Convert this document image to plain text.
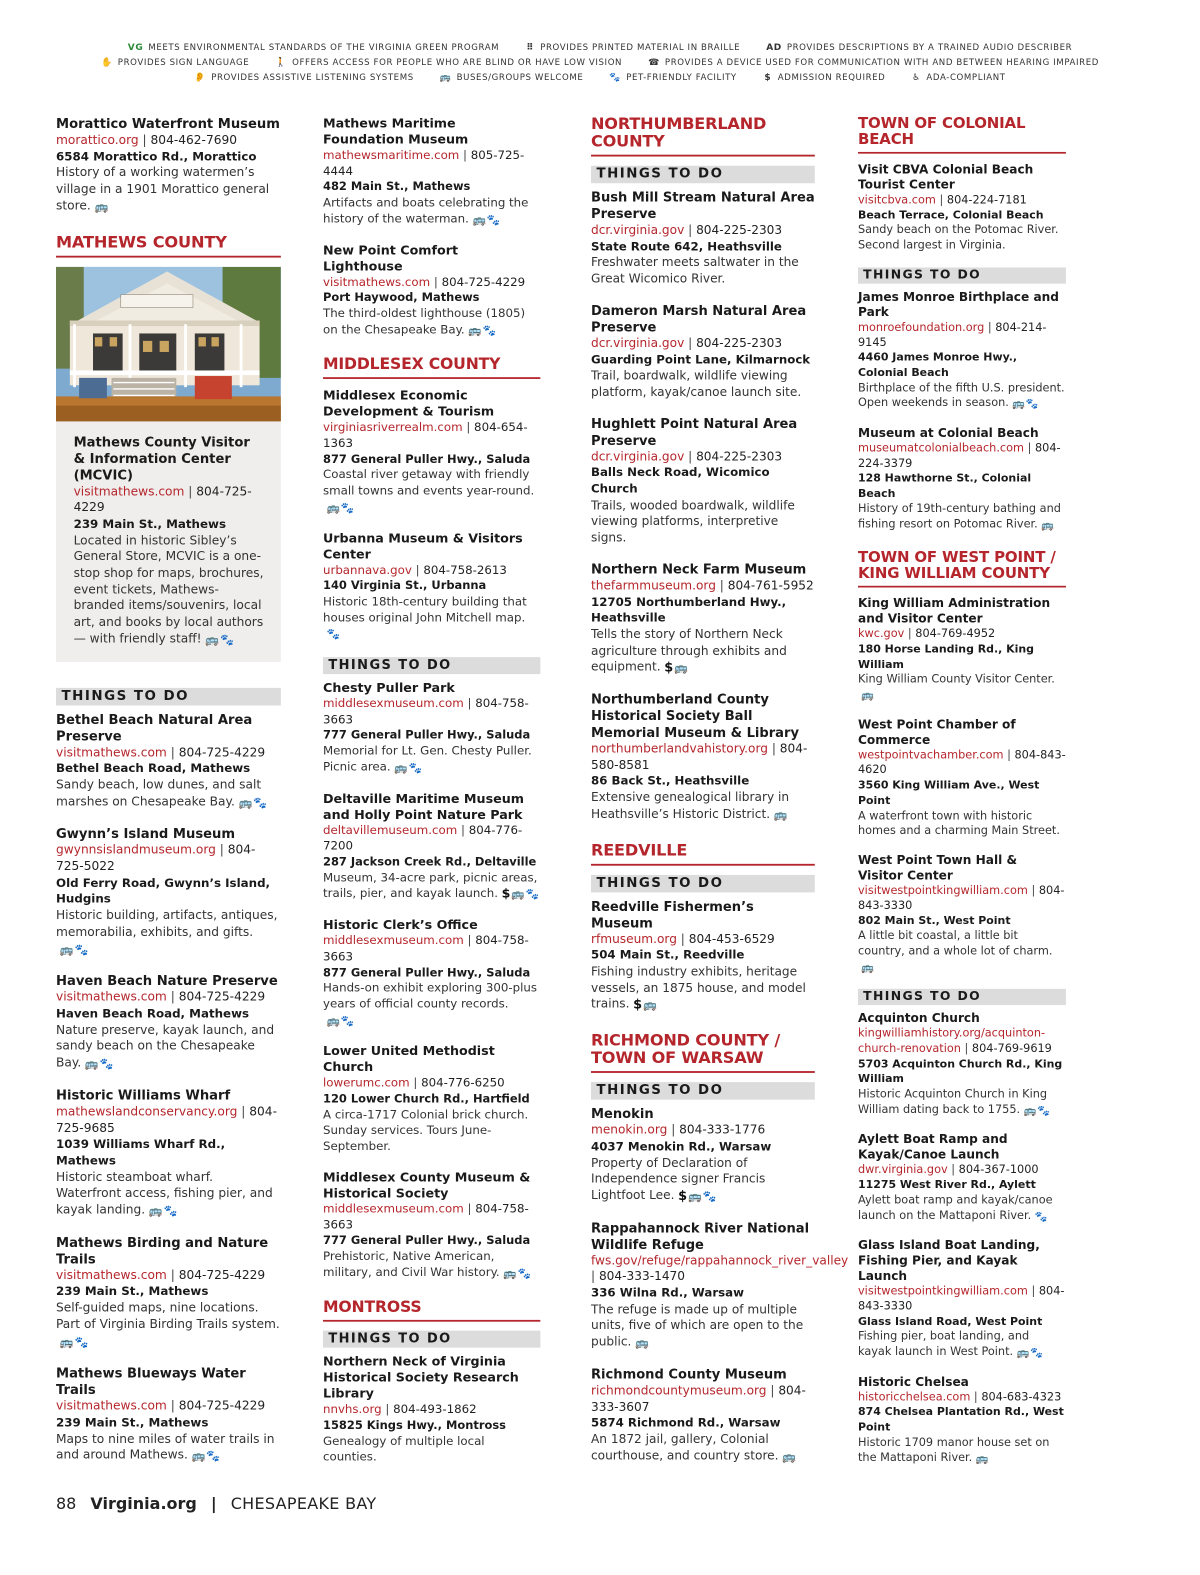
VG MEETS ENVIRONMENTAL STANDARDS OF THE VIRGINIA GREEN PROGRAM	⠿ PROVIDES PRINTED MATERIAL IN BRAILLE	AD PROVIDES DESCRIPTIONS BY A TRAINED AUDIO DESCRIBER
✋ PROVIDES SIGN LANGUAGE	🚶 OFFERS ACCESS FOR PEOPLE WHO ARE BLIND OR HAVE LOW VISION	☎ PROVIDES A DEVICE USED FOR COMMUNICATION WITH AND BETWEEN HEARING IMPAIRED
👂 PROVIDES ASSISTIVE LISTENING SYSTEMS	🚌 BUSES/GROUPS WELCOME	🐾 PET-FRIENDLY FACILITY	$ ADMISSION REQUIRED	♿ ADA-COMPLIANT
Morattico Waterfront Museum
morattico.org | 804-462-7690
6584 Morattico Rd., Morattico
History of a working watermen’s village in a 1901 Morattico general store. 🚌
MATHEWS COUNTY
Mathews County Visitor & Information Center (MCVIC)
visitmathews.com | 804-725-4229
239 Main St., Mathews
Located in historic Sibley’s General Store, MCVIC is a one-stop shop for maps, brochures, event tickets, Mathews-branded items/souvenirs, local art, and books by local authors — with friendly staff! 🚌🐾
THINGS TO DO
Bethel Beach Natural Area Preserve
visitmathews.com | 804-725-4229
Bethel Beach Road, Mathews
Sandy beach, low dunes, and salt marshes on Chesapeake Bay. 🚌🐾
Gwynn’s Island Museum
gwynnsislandmuseum.org | 804-725-5022
Old Ferry Road, Gwynn’s Island, Hudgins
Historic building, artifacts, antiques, memorabilia, exhibits, and gifts.🚌🐾
Haven Beach Nature Preserve
visitmathews.com | 804-725-4229
Haven Beach Road, Mathews
Nature preserve, kayak launch, and sandy beach on the Chesapeake Bay. 🚌🐾
Historic Williams Wharf
mathewslandconservancy.org | 804-725-9685
1039 Williams Wharf Rd., Mathews
Historic steamboat wharf. Waterfront access, fishing pier, and kayak landing. 🚌🐾
Mathews Birding and Nature Trails
visitmathews.com | 804-725-4229
239 Main St., Mathews
Self-guided maps, nine locations. Part of Virginia Birding Trails system.🚌🐾
Mathews Blueways Water Trails
visitmathews.com | 804-725-4229
239 Main St., Mathews
Maps to nine miles of water trails in and around Mathews. 🚌🐾
Mathews Maritime Foundation Museum
mathewsmaritime.com | 805-725-4444
482 Main St., Mathews
Artifacts and boats celebrating the history of the waterman. 🚌🐾
New Point Comfort Lighthouse
visitmathews.com | 804-725-4229
Port Haywood, Mathews
The third-oldest lighthouse (1805) on the Chesapeake Bay. 🚌🐾
MIDDLESEX COUNTY
Middlesex Economic Development & Tourism
virginiasriverrealm.com | 804-654-1363
877 General Puller Hwy., Saluda
Coastal river getaway with friendly small towns and events year-round.🚌🐾
Urbanna Museum & Visitors Center
urbannava.gov | 804-758-2613
140 Virginia St., Urbanna
Historic 18th-century building that houses original John Mitchell map.🐾
THINGS TO DO
Chesty Puller Park
middlesexmuseum.com | 804-758-3663
777 General Puller Hwy., Saluda
Memorial for Lt. Gen. Chesty Puller. Picnic area. 🚌🐾
Deltaville Maritime Museum and Holly Point Nature Park
deltavillemuseum.com | 804-776-7200
287 Jackson Creek Rd., Deltaville
Museum, 34-acre park, picnic areas, trails, pier, and kayak launch. $🚌🐾
Historic Clerk’s Office
middlesexmuseum.com | 804-758-3663
877 General Puller Hwy., Saluda
Hands-on exhibit exploring 300-plus years of official county records.🚌🐾
Lower United Methodist Church
lowerumc.com | 804-776-6250
120 Lower Church Rd., Hartfield
A circa-1717 Colonial brick church. Sunday services. Tours June-September.
Middlesex County Museum & Historical Society
middlesexmuseum.com | 804-758-3663
777 General Puller Hwy., Saluda
Prehistoric, Native American, military, and Civil War history. 🚌🐾
MONTROSS
THINGS TO DO
Northern Neck of Virginia Historical Society Research Library
nnvhs.org | 804-493-1862
15825 Kings Hwy., Montross
Genealogy of multiple local counties.
NORTHUMBERLAND COUNTY
THINGS TO DO
Bush Mill Stream Natural Area Preserve
dcr.virginia.gov | 804-225-2303
State Route 642, Heathsville
Freshwater meets saltwater in the Great Wicomico River.
Dameron Marsh Natural Area Preserve
dcr.virginia.gov | 804-225-2303
Guarding Point Lane, Kilmarnock
Trail, boardwalk, wildlife viewing platform, kayak/canoe launch site.
Hughlett Point Natural Area Preserve
dcr.virginia.gov | 804-225-2303
Balls Neck Road, Wicomico Church
Trails, wooded boardwalk, wildlife viewing platforms, interpretive signs.
Northern Neck Farm Museum
thefarmmuseum.org | 804-761-5952
12705 Northumberland Hwy., Heathsville
Tells the story of Northern Neck agriculture through exhibits and equipment. $🚌
Northumberland County Historical Society Ball Memorial Museum & Library
northumberlandvahistory.org | 804-580-8581
86 Back St., Heathsville
Extensive genealogical library in Heathsville’s Historic District. 🚌
REEDVILLE
THINGS TO DO
Reedville Fishermen’s Museum
rfmuseum.org | 804-453-6529
504 Main St., Reedville
Fishing industry exhibits, heritage vessels, an 1875 house, and model trains. $🚌
RICHMOND COUNTY / TOWN OF WARSAW
THINGS TO DO
Menokin
menokin.org | 804-333-1776
4037 Menokin Rd., Warsaw
Property of Declaration of Independence signer Francis Lightfoot Lee. $🚌🐾
Rappahannock River National Wildlife Refuge
fws.gov/refuge/rappahannock_river_valley | 804-333-1470
336 Wilna Rd., Warsaw
The refuge is made up of multiple units, five of which are open to the public. 🚌
Richmond County Museum
richmondcountymuseum.org | 804-333-3607
5874 Richmond Rd., Warsaw
An 1872 jail, gallery, Colonial courthouse, and country store. 🚌
TOWN OF COLONIAL BEACH
Visit CBVA Colonial Beach Tourist Center
visitcbva.com | 804-224-7181
Beach Terrace, Colonial Beach
Sandy beach on the Potomac River. Second largest in Virginia.
THINGS TO DO
James Monroe Birthplace and Park
monroefoundation.org | 804-214-9145
4460 James Monroe Hwy., Colonial Beach
Birthplace of the fifth U.S. president. Open weekends in season. 🚌🐾
Museum at Colonial Beach
museumatcolonialbeach.com | 804-224-3379
128 Hawthorne St., Colonial Beach
History of 19th-century bathing and fishing resort on Potomac River. 🚌
TOWN OF WEST POINT / KING WILLIAM COUNTY
King William Administration and Visitor Center
kwc.gov | 804-769-4952
180 Horse Landing Rd., King William
King William County Visitor Center.🚌
West Point Chamber of Commerce
westpointvachamber.com | 804-843-4620
3560 King William Ave., West Point
A waterfront town with historic homes and a charming Main Street.
West Point Town Hall & Visitor Center
visitwestpointkingwilliam.com | 804-843-3330
802 Main St., West Point
A little bit coastal, a little bit country, and a whole lot of charm.🚌
THINGS TO DO
Acquinton Church
kingwilliamhistory.org/acquinton-church-renovation | 804-769-9619
5703 Acquinton Church Rd., King William
Historic Acquinton Church in King William dating back to 1755. 🚌🐾
Aylett Boat Ramp and Kayak/Canoe Launch
dwr.virginia.gov | 804-367-1000
11275 West River Rd., Aylett
Aylett boat ramp and kayak/canoe launch on the Mattaponi River. 🐾
Glass Island Boat Landing, Fishing Pier, and Kayak Launch
visitwestpointkingwilliam.com | 804-843-3330
Glass Island Road, West Point
Fishing pier, boat landing, and kayak launch in West Point. 🚌🐾
Historic Chelsea
historicchelsea.com | 804-683-4323
874 Chelsea Plantation Rd., West Point
Historic 1709 manor house set on the Mattaponi River. 🚌
88 Virginia.org | CHESAPEAKE BAY
